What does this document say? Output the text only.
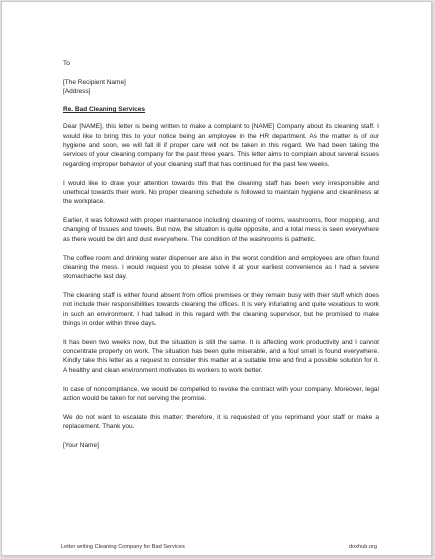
To
[The Recipient Name]
[Address]
Re. Bad Cleaning Services

Dear [NAME], this letter is being written to make a complaint to [NAME] Company about its cleaning staff. I would like to bring this to your notice being an employee in the HR department. As the matter is of our hygiene and soon, we will fall ill if proper care will not be taken in this regard. We had been taking the services of your cleaning company for the past three years. This letter aims to complain about several issues regarding improper behavior of your cleaning staff that has continued for the past few weeks.

I would like to draw your attention towards this that the cleaning staff has been very irresponsible and unethical towards their work. No proper cleaning schedule is followed to maintain hygiene and cleanliness at the workplace.

Earlier, it was followed with proper maintenance including cleaning of rooms, washrooms, floor mopping, and changing of tissues and towels. But now, the situation is quite opposite, and a total mess is seen everywhere as there would be dirt and dust everywhere. The condition of the washrooms is pathetic.

The coffee room and drinking water dispenser are also in the worst condition and employees are often found cleaning the mess. I would request you to please solve it at your earliest convenience as I had a severe stomachache last day.

The cleaning staff is either found absent from office premises or they remain busy with their stuff which does not include their responsibilities towards cleaning the offices. It is very infuriating and quite vexatious to work in such an environment. I had talked in this regard with the cleaning supervisor, but he promised to make things in order within three days.

It has been two weeks now, but the situation is still the same. It is affecting work productivity and I cannot concentrate properly on work. The situation has been quite miserable, and a foul smell is found everywhere. Kindly take this letter as a request to consider this matter at a suitable time and find a possible solution for it. A healthy and clean environment motivates its workers to work better.

In case of noncompliance, we would be compelled to revoke the contract with your company. Moreover, legal action would be taken for not serving the promise.

We do not want to escalate this matter; therefore, it is requested of you reprimand your staff or make a replacement. Thank you.

[Your Name]
Letter writing Cleaning Company for Bad Services	doxhub.org
